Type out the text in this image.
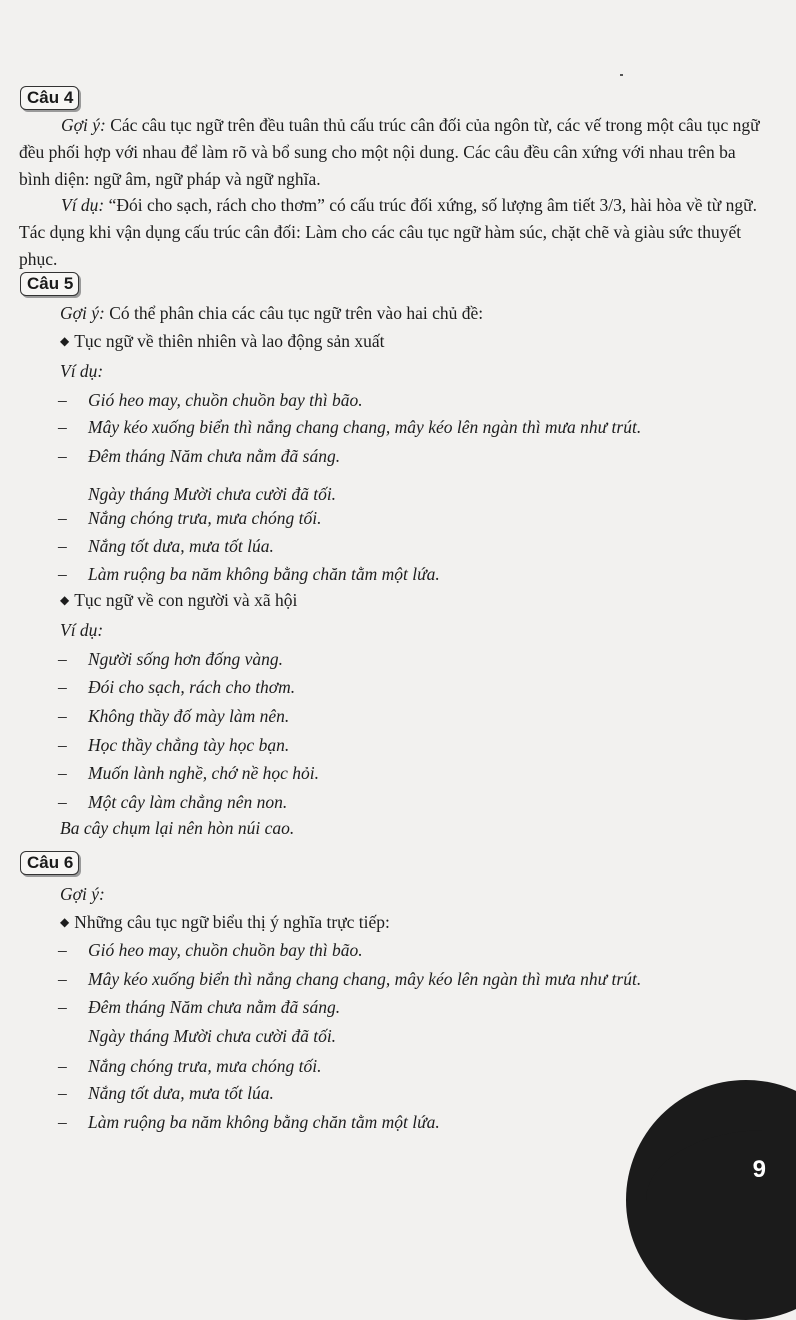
Câu 4

Gợi ý: Các câu tục ngữ trên đều tuân thủ cấu trúc cân đối của ngôn từ, các vế trong một câu tục ngữ đều phối hợp với nhau để làm rõ và bổ sung cho một nội dung. Các câu đều cân xứng với nhau trên ba bình diện: ngữ âm, ngữ pháp và ngữ nghĩa.

Ví dụ: “Đói cho sạch, rách cho thơm” có cấu trúc đối xứng, số lượng âm tiết 3/3, hài hòa về từ ngữ. Tác dụng khi vận dụng cấu trúc cân đối: Làm cho các câu tục ngữ hàm súc, chặt chẽ và giàu sức thuyết phục.

Câu 5
Gợi ý: Có thể phân chia các câu tục ngữ trên vào hai chủ đề:
◆ Tục ngữ về thiên nhiên và lao động sản xuất
Ví dụ:
– Gió heo may, chuồn chuồn bay thì bão.
– Mây kéo xuống biển thì nắng chang chang, mây kéo lên ngàn thì mưa như trút.
– Đêm tháng Năm chưa nằm đã sáng.
– Nắng chóng trưa, mưa chóng tối.
– Nắng tốt dưa, mưa tốt lúa.
– Làm ruộng ba năm không bằng chăn tằm một lứa.
Ngày tháng Mười chưa cười đã tối.
◆ Tục ngữ về con người và xã hội
Ví dụ:
– Người sống hơn đống vàng.
– Đói cho sạch, rách cho thơm.
– Không thầy đố mày làm nên.
– Học thầy chẳng tày học bạn.
– Muốn lành nghề, chớ nề học hỏi.
– Một cây làm chẳng nên non.
Ba cây chụm lại nên hòn núi cao.
Câu 6
Gợi ý:
◆ Những câu tục ngữ biểu thị ý nghĩa trực tiếp:
– Gió heo may, chuồn chuồn bay thì bão.
– Mây kéo xuống biển thì nắng chang chang, mây kéo lên ngàn thì mưa như trút.
– Đêm tháng Năm chưa nằm đã sáng.
– Nắng chóng trưa, mưa chóng tối.
– Nắng tốt dưa, mưa tốt lúa.
– Làm ruộng ba năm không bằng chăn tằm một lứa.
Ngày tháng Mười chưa cười đã tối.
9
